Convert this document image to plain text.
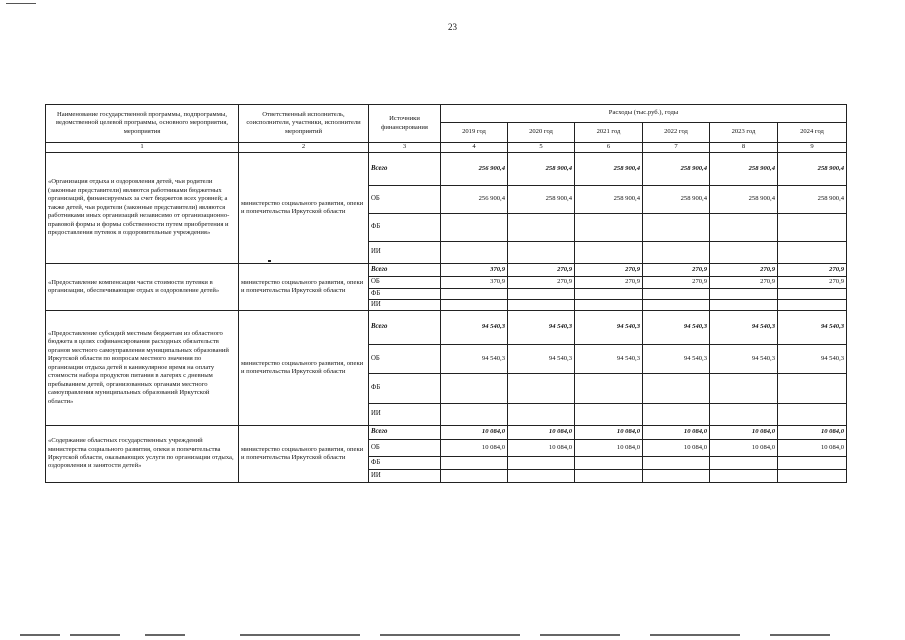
23
Наименование государственной программы, подпрограммы, ведомственной целевой программы, основного мероприятия, мероприятия	Ответственный исполнитель, соисполнители, участники, исполнители мероприятий	Источники финансирования	Расходы (тыс.руб.), годы					
			2019 год	2020 год	2021 год	2022 год	2023 год	2024 год
1	2	3	4	5	6	7	8	9
«Организация отдыха и оздоровления детей, чьи родители (законные представители) являются работниками бюджетных организаций, финансируемых за счет бюджетов всех уровней; а также детей, чьи родители (законные представители) являются работниками иных организаций независимо от организационно-правовой формы и формы собственности путем приобретения и предоставления путевок в оздоровительные учреждения»	министерство социального развития, опеки и попечительства Иркутской области	Всего	256 900,4	258 900,4	258 900,4	258 900,4	258 900,4	258 900,4
		ОБ	256 900,4	258 900,4	258 900,4	258 900,4	258 900,4	258 900,4
		ФБ						
		ИИ						
«Предоставление компенсации части стоимости путевки в организации, обеспечивающие отдых и оздоровление детей»	министерство социального развития, опеки и попечительства Иркутской области	Всего	370,9	270,9	270,9	270,9	270,9	270,9
		ОБ	370,9	270,9	270,9	270,9	270,9	270,9
		ФБ						
		ИИ						
«Предоставление субсидий местным бюджетам из областного бюджета в целях софинансирования расходных обязательств органов местного самоуправления муниципальных образований Иркутской области по вопросам местного значения по организации отдыха детей в каникулярное время на оплату стоимости набора продуктов питания в лагерях с дневным пребыванием детей, организованных органами местного самоуправления муниципальных образований Иркутской области»	министерство социального развития, опеки и попечительства Иркутской области	Всего	94 540,3	94 540,3	94 540,3	94 540,3	94 540,3	94 540,3
		ОБ	94 540,3	94 540,3	94 540,3	94 540,3	94 540,3	94 540,3
		ФБ						
		ИИ						
«Содержание областных государственных учреждений министерства социального развития, опеки и попечительства Иркутской области, оказывающих услуги по организации отдыха, оздоровления и занятости детей»	министерство социального развития, опеки и попечительства Иркутской области	Всего	10 084,0	10 084,0	10 084,0	10 084,0	10 084,0	10 084,0
		ОБ	10 084,0	10 084,0	10 084,0	10 084,0	10 084,0	10 084,0
		ФБ						
		ИИ						
